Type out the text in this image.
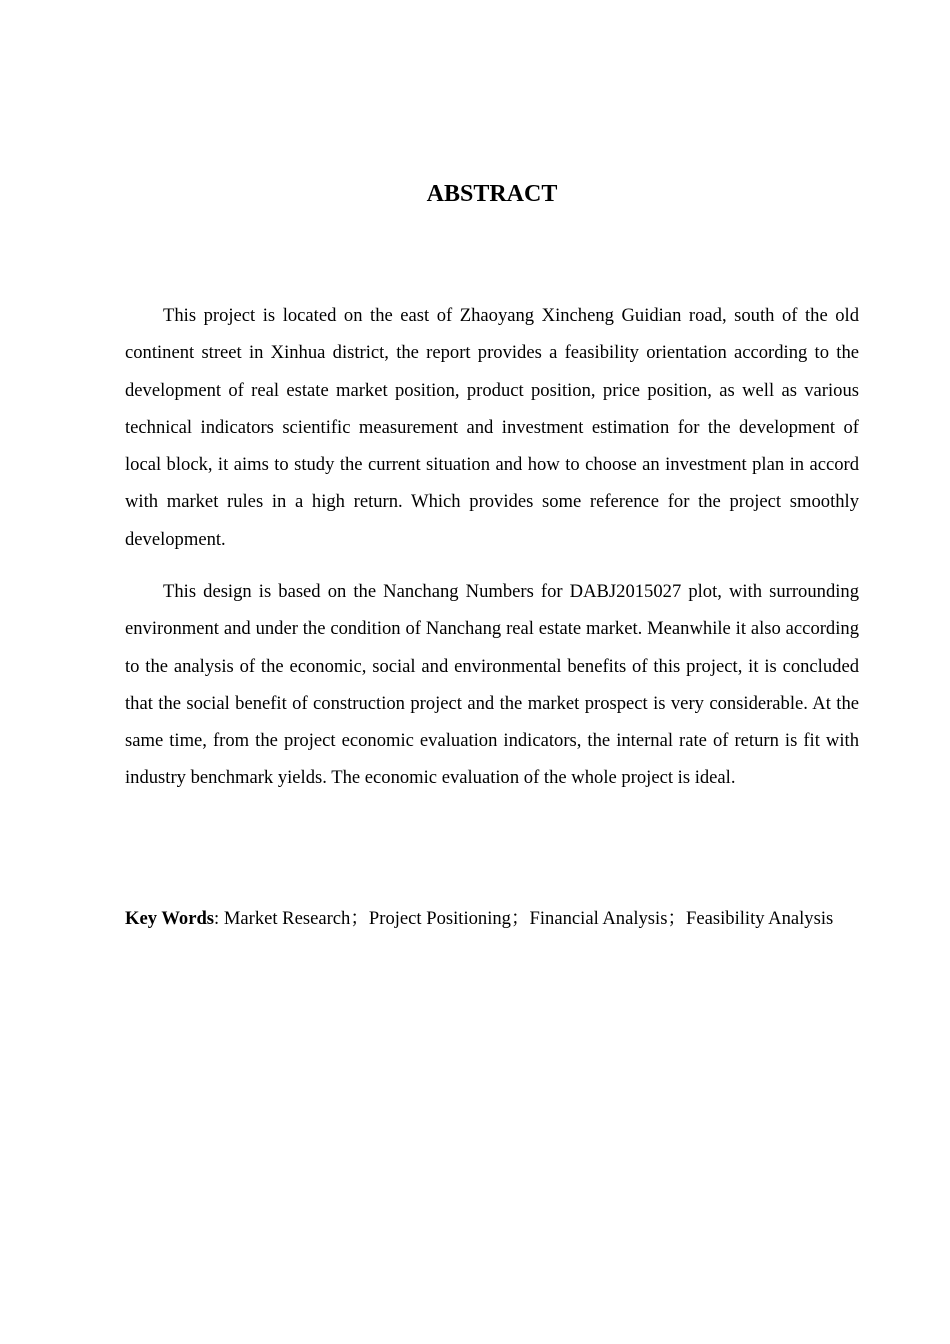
ABSTRACT

This project is located on the east of Zhaoyang Xincheng Guidian road, south of the old continent street in Xinhua district, the report provides a feasibility orientation according to the development of real estate market position, product position, price position, as well as various technical indicators scientific measurement and investment estimation for the development of local block, it aims to study the current situation and how to choose an investment plan in accord with market rules in a high return. Which provides some reference for the project smoothly development.

This design is based on the Nanchang Numbers for DABJ2015027 plot, with surrounding environment and under the condition of Nanchang real estate market. Meanwhile it also according to the analysis of the economic, social and environmental benefits of this project, it is concluded that the social benefit of construction project and the market prospect is very considerable. At the same time, from the project economic evaluation indicators, the internal rate of return is fit with industry benchmark yields. The economic evaluation of the whole project is ideal.

Key Words: Market Research；Project Positioning；Financial Analysis；Feasibility Analysis
